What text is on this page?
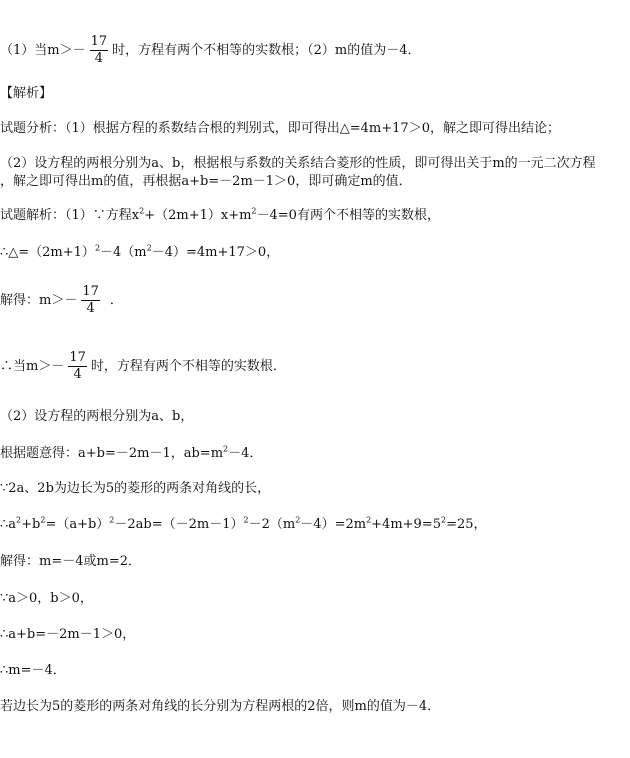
（1）当$m>- \frac{17}{4}$ 时，方程有两个不相等的实数根；（2）m的值为－4．
【解析】
试题分析：（1）根据方程的系数结合根的判别式，即可得出△=4m+17＞0，解之即可得出结论；
（2）设方程的两根分别为a、b，根据根与系数的关系结合菱形的性质，即可得出关于m的一元二次方程
，解之即可得出m的值，再根据a+b=－2m－1＞0，即可确定m的值．
试题解析：（1）∵方程$x^2+(2m+1)x+m^2-4=0$有两个不相等的实数根，
$\therefore\triangle=(2m+1)^2-4(m^2-4)=4m+17>0$，
解得：$m>- \frac{17}{4}$ ．
∴当$m>- \frac{17}{4}$ 时，方程有两个不相等的实数根．
（2）设方程的两根分别为a、b，
根据题意得：a+b=－2m－1，$ab=m^2-4$．
∵2a、2b为边长为5的菱形的两条对角线的长，
$\therefore a^2+b^2=(a+b)^2-2ab=(-2m-1)^2-2(m^2-4)=2m^2+4m+9=5^2=25$，
解得：m=－4或m=2．
∵a＞0，b＞0，
∴a+b=－2m－1＞0，
∴m=－4．
若边长为5的菱形的两条对角线的长分别为方程两根的2倍，则m的值为－4．
